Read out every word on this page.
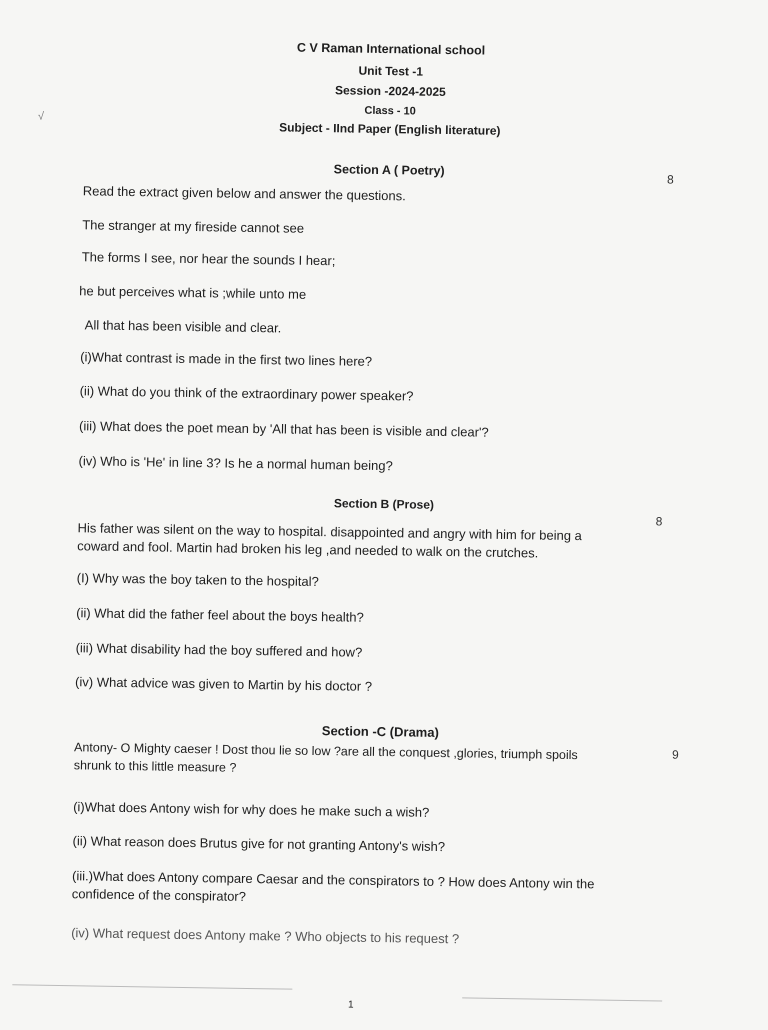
C V Raman International school
Unit Test -1
Session -2024-2025
Class - 10
Subject - IInd Paper (English literature)
√
Section A ( Poetry)
8
Read the extract given below and answer the questions.
The stranger at my fireside cannot see
The forms I see, nor hear the sounds I hear;
he but perceives what is ;while unto me
All that has been visible and clear.
(i)What contrast is made in the first two lines here?
(ii) What do you think of the extraordinary power speaker?
(iii) What does the poet mean by 'All that has been is visible and clear'?
(iv) Who is 'He' in line 3? Is he a normal human being?
Section B (Prose)
8
His father was silent on the way to hospital. disappointed and angry with him for being a
coward and fool. Martin had broken his leg ,and needed to walk on the crutches.
(I) Why was the boy taken to the hospital?
(ii) What did the father feel about the boys health?
(iii) What disability had the boy suffered and how?
(iv) What advice was given to Martin by his doctor ?
Section -C (Drama)
9
Antony- O Mighty caeser ! Dost thou lie so low ?are all the conquest ,glories, triumph spoils
shrunk to this little measure ?
(i)What does Antony wish for why does he make such a wish?
(ii) What reason does Brutus give for not granting Antony's wish?
(iii.)What does Antony compare Caesar and the conspirators to ? How does Antony win the
confidence of the conspirator?
(iv) What request does Antony make ? Who objects to his request ?
1
